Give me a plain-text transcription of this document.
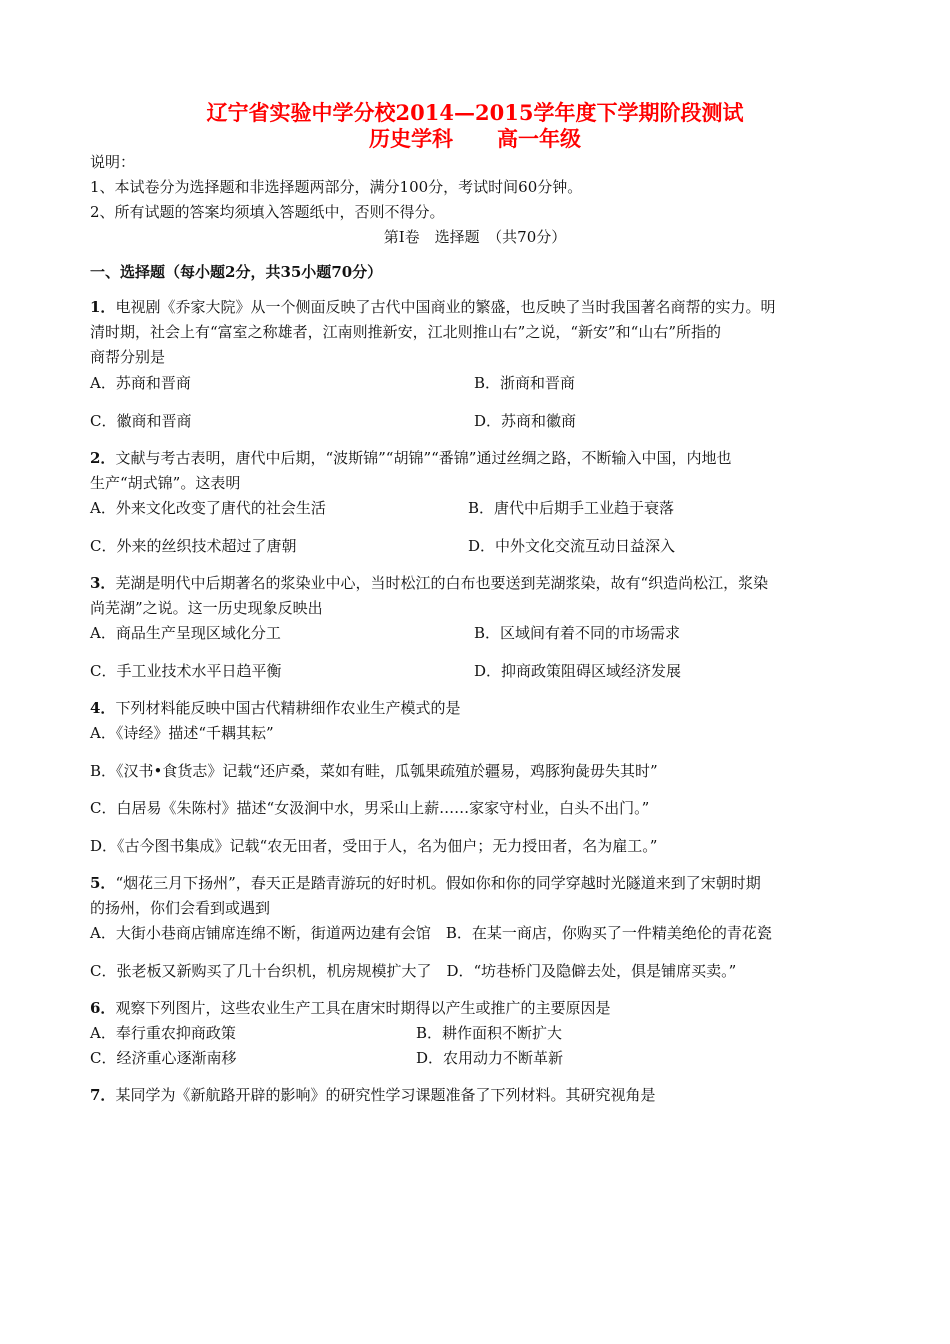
辽宁省实验中学分校2014—2015学年度下学期阶段测试
历史学科 高一年级
说明：
1、本试卷分为选择题和非选择题两部分，满分100分，考试时间60分钟。
2、所有试题的答案均须填入答题纸中，否则不得分。
第Ⅰ卷　选择题　（共70分）
一、选择题（每小题2分，共35小题70分）
1．电视剧《乔家大院》从一个侧面反映了古代中国商业的繁盛，也反映了当时我国著名商帮的实力。明
清时期，社会上有“富室之称雄者，江南则推新安，江北则推山右”之说，“新安”和“山右”所指的
商帮分别是
A．苏商和晋商	B．浙商和晋商
C．徽商和晋商	D．苏商和徽商
2．文献与考古表明，唐代中后期，“波斯锦”“胡锦”“番锦”通过丝绸之路，不断输入中国，内地也
生产“胡式锦”。这表明
A．外来文化改变了唐代的社会生活	B．唐代中后期手工业趋于衰落
C．外来的丝织技术超过了唐朝	D．中外文化交流互动日益深入
3．芜湖是明代中后期著名的浆染业中心，当时松江的白布也要送到芜湖浆染，故有“织造尚松江，浆染
尚芜湖”之说。这一历史现象反映出
A．商品生产呈现区域化分工	B．区域间有着不同的市场需求
C．手工业技术水平日趋平衡	D．抑商政策阻碍区域经济发展
4．下列材料能反映中国古代精耕细作农业生产模式的是
A．《诗经》描述“千耦其耘”
B．《汉书•食货志》记载“还庐桑，菜如有畦，瓜瓠果疏殖於疆易，鸡豚狗彘毋失其时”
C．白居易《朱陈村》描述“女汲涧中水，男采山上薪……家家守村业，白头不出门。”
D．《古今图书集成》记载“农无田者，受田于人，名为佃户；无力授田者，名为雇工。”
5．“烟花三月下扬州”，春天正是踏青游玩的好时机。假如你和你的同学穿越时光隧道来到了宋朝时期
的扬州，你们会看到或遇到
A．大街小巷商店铺席连绵不断，街道两边建有会馆　B．在某一商店，你购买了一件精美绝伦的青花瓷
C．张老板又新购买了几十台织机，机房规模扩大了　D．“坊巷桥门及隐僻去处，俱是铺席买卖。”
6．观察下列图片，这些农业生产工具在唐宋时期得以产生或推广的主要原因是
A．奉行重农抑商政策	B．耕作面积不断扩大
C．经济重心逐渐南移	D．农用动力不断革新
7．某同学为《新航路开辟的影响》的研究性学习课题准备了下列材料。其研究视角是
